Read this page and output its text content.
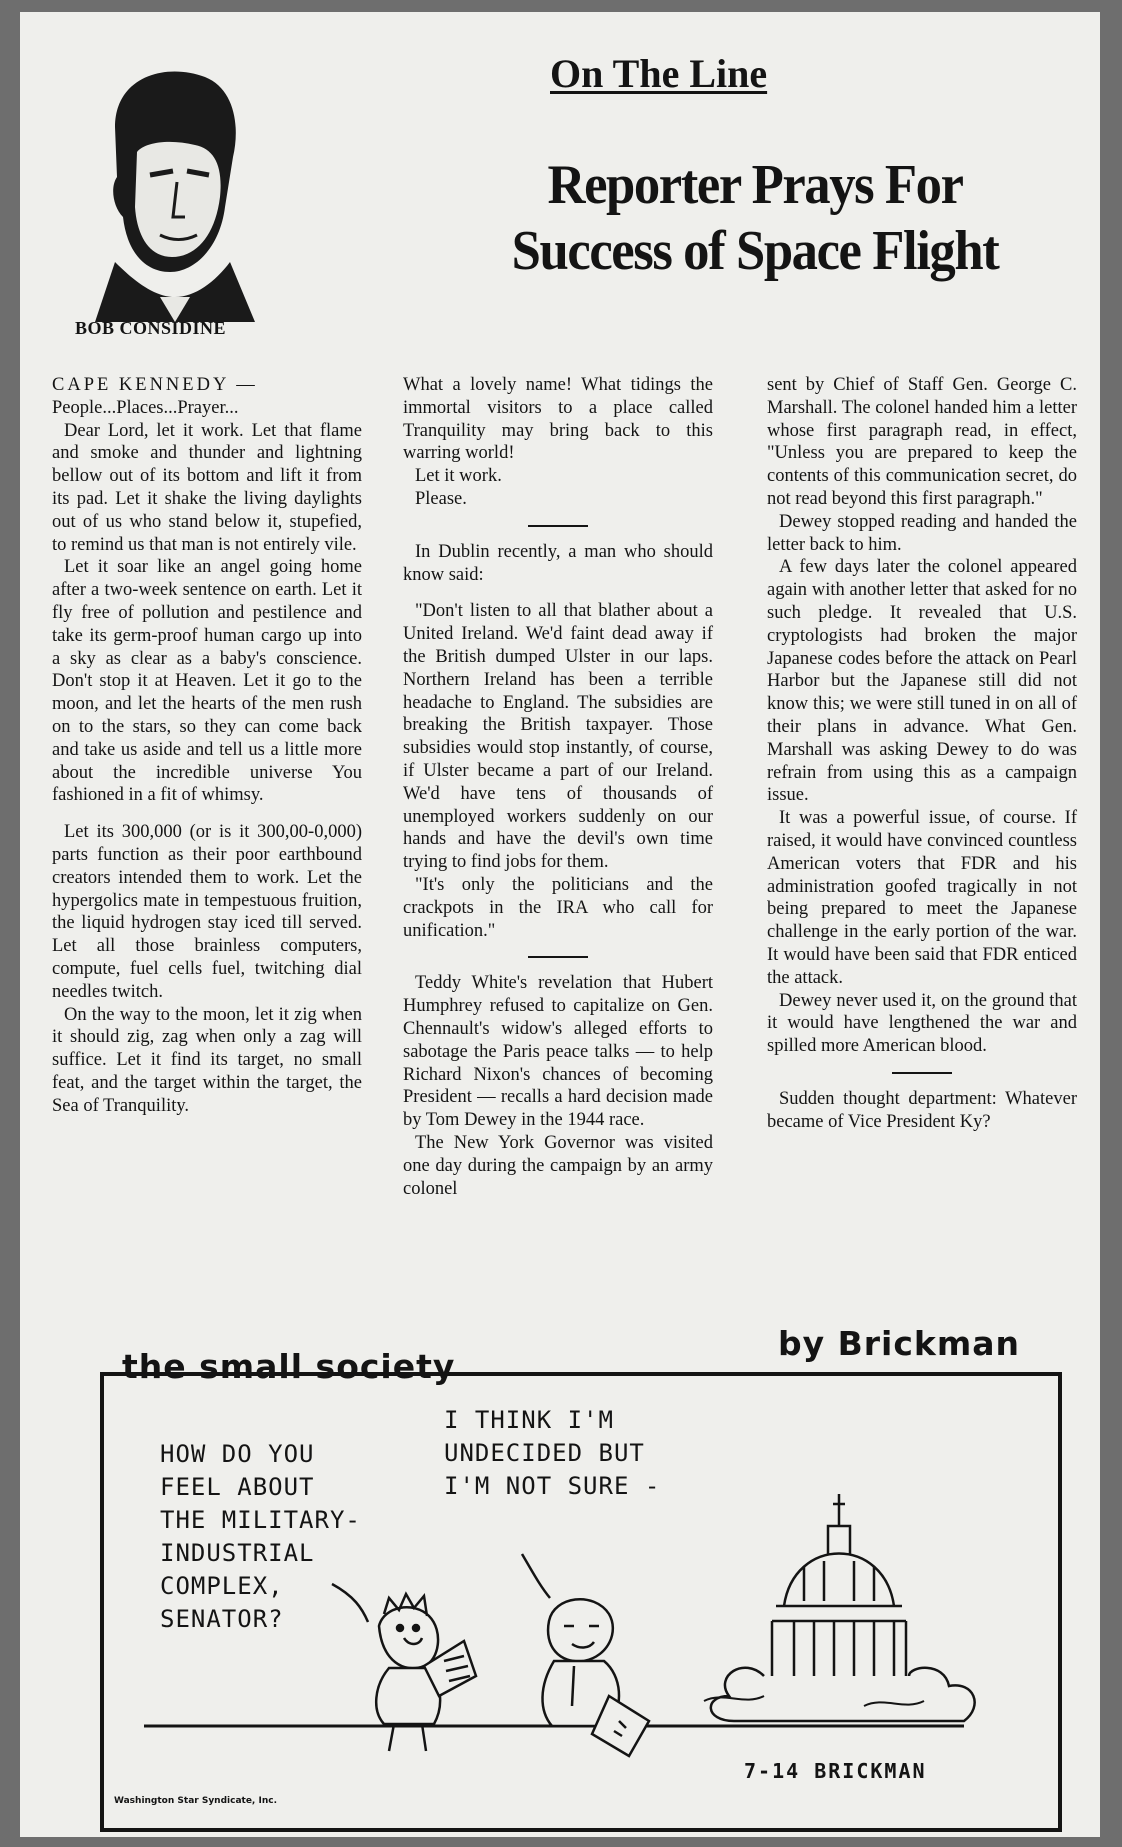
BOB CONSIDINE
On The Line
Reporter Prays For
Success of Space Flight

CAPE KENNEDY —

People...Places...Prayer...

Dear Lord, let it work. Let that flame and smoke and thunder and lightning bellow out of its bottom and lift it from its pad. Let it shake the living daylights out of us who stand below it, stupefied, to remind us that man is not entirely vile.

Let it soar like an angel going home after a two-week sentence on earth. Let it fly free of pollution and pestilence and take its germ-proof human cargo up into a sky as clear as a baby's conscience. Don't stop it at Heaven. Let it go to the moon, and let the hearts of the men rush on to the stars, so they can come back and take us aside and tell us a little more about the incredible universe You fashioned in a fit of whimsy.

Let its 300,000 (or is it 300,00-0,000) parts function as their poor earthbound creators intended them to work. Let the hypergolics mate in tempestuous fruition, the liquid hydrogen stay iced till served. Let all those brainless computers, compute, fuel cells fuel, twitching dial needles twitch.

On the way to the moon, let it zig when it should zig, zag when only a zag will suffice. Let it find its target, no small feat, and the target within the target, the Sea of Tranquility.

What a lovely name! What tidings the immortal visitors to a place called Tranquility may bring back to this warring world!

Let it work.

Please.

In Dublin recently, a man who should know said:

"Don't listen to all that blather about a United Ireland. We'd faint dead away if the British dumped Ulster in our laps. Northern Ireland has been a terrible headache to England. The subsidies are breaking the British taxpayer. Those subsidies would stop instantly, of course, if Ulster became a part of our Ireland. We'd have tens of thousands of unemployed workers suddenly on our hands and have the devil's own time trying to find jobs for them.

"It's only the politicians and the crackpots in the IRA who call for unification."

Teddy White's revelation that Hubert Humphrey refused to capitalize on Gen. Chennault's widow's alleged efforts to sabotage the Paris peace talks — to help Richard Nixon's chances of becoming President — recalls a hard decision made by Tom Dewey in the 1944 race.

The New York Governor was visited one day during the campaign by an army colonel

sent by Chief of Staff Gen. George C. Marshall. The colonel handed him a letter whose first paragraph read, in effect, "Unless you are prepared to keep the contents of this communication secret, do not read beyond this first paragraph."

Dewey stopped reading and handed the letter back to him.

A few days later the colonel appeared again with another letter that asked for no such pledge. It revealed that U.S. cryptologists had broken the major Japanese codes before the attack on Pearl Harbor but the Japanese still did not know this; we were still tuned in on all of their plans in advance. What Gen. Marshall was asking Dewey to do was refrain from using this as a campaign issue.

It was a powerful issue, of course. If raised, it would have convinced countless American voters that FDR and his administration goofed tragically in not being prepared to meet the Japanese challenge in the early portion of the war. It would have been said that FDR enticed the attack.

Dewey never used it, on the ground that it would have lengthened the war and spilled more American blood.

Sudden thought department: Whatever became of Vice President Ky?

the small society
by Brickman
HOW DO YOU
FEEL ABOUT
THE MILITARY-
INDUSTRIAL
COMPLEX,
SENATOR?
I THINK I'M
UNDECIDED BUT
I'M NOT SURE -
7-14 BRICKMAN
Washington Star Syndicate, Inc.
